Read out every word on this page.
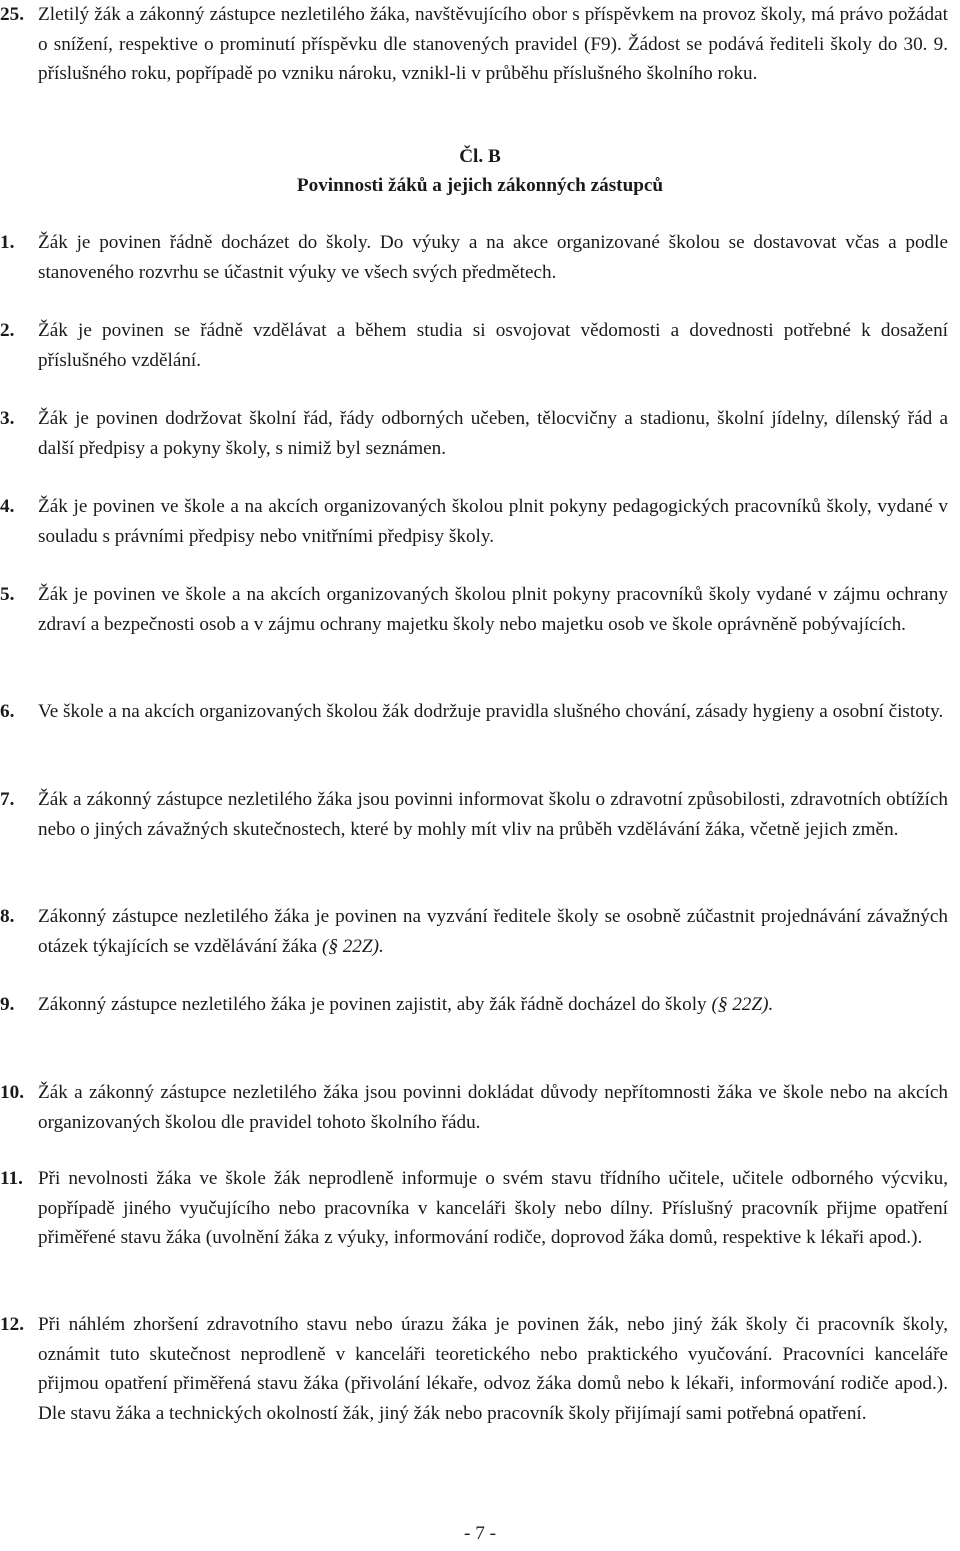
25. Zletilý žák a zákonný zástupce nezletilého žáka, navštěvujícího obor s příspěvkem na provoz školy, má právo požádat o snížení, respektive o prominutí příspěvku dle stanovených pravidel (F9). Žádost se podává řediteli školy do 30. 9. příslušného roku, popřípadě po vzniku nároku, vznikl-li v průběhu příslušného školního roku.
Čl. B
Povinnosti žáků a jejich zákonných zástupců
1.	Žák je povinen řádně docházet do školy. Do výuky a na akce organizované školou se dostavovat včas a podle stanoveného rozvrhu se účastnit výuky ve všech svých předmětech.
2.	Žák je povinen se řádně vzdělávat a během studia si osvojovat vědomosti a dovednosti potřebné k dosažení příslušného vzdělání.
3.	Žák je povinen dodržovat školní řád, řády odborných učeben, tělocvičny a stadionu, školní jídelny, dílenský řád a další předpisy a pokyny školy, s nimiž byl seznámen.
4.	Žák je povinen ve škole a na akcích organizovaných školou plnit pokyny pedagogických pracovníků školy, vydané v souladu s právními předpisy nebo vnitřními předpisy školy.
5.	Žák je povinen ve škole a na akcích organizovaných školou plnit pokyny pracovníků školy vydané v zájmu ochrany zdraví a bezpečnosti osob a v zájmu ochrany majetku školy nebo majetku osob ve škole oprávněně pobývajících.
6.	Ve škole a na akcích organizovaných školou žák dodržuje pravidla slušného chování, zásady hygieny a osobní čistoty.
7.	Žák a zákonný zástupce nezletilého žáka jsou povinni informovat školu o zdravotní způsobilosti, zdravotních obtížích nebo o jiných závažných skutečnostech, které by mohly mít vliv na průběh vzdělávání žáka, včetně jejich změn.
8.	Zákonný zástupce nezletilého žáka je povinen na vyzvání ředitele školy se osobně zúčastnit projednávání závažných otázek týkajících se vzdělávání žáka (§ 22Z).
9.	Zákonný zástupce nezletilého žáka je povinen zajistit, aby žák řádně docházel do školy (§ 22Z).
10. Žák a zákonný zástupce nezletilého žáka jsou povinni dokládat důvody nepřítomnosti žáka ve škole nebo na akcích organizovaných školou dle pravidel tohoto školního řádu.
11. Při nevolnosti žáka ve škole žák neprodleně informuje o svém stavu třídního učitele, učitele odborného výcviku, popřípadě jiného vyučujícího nebo pracovníka v kanceláři školy nebo dílny. Příslušný pracovník přijme opatření přiměřené stavu žáka (uvolnění žáka z výuky, informování rodiče, doprovod žáka domů, respektive k lékaři apod.).
12. Při náhlém zhoršení zdravotního stavu nebo úrazu žáka je povinen žák, nebo jiný žák školy či pracovník školy, oznámit tuto skutečnost neprodleně v kanceláři teoretického nebo praktického vyučování. Pracovníci kanceláře přijmou opatření přiměřená stavu žáka (přivolání lékaře, odvoz žáka domů nebo k lékaři, informování rodiče apod.). Dle stavu žáka a technických okolností žák, jiný žák nebo pracovník školy přijímají sami potřebná opatření.
- 7 -
